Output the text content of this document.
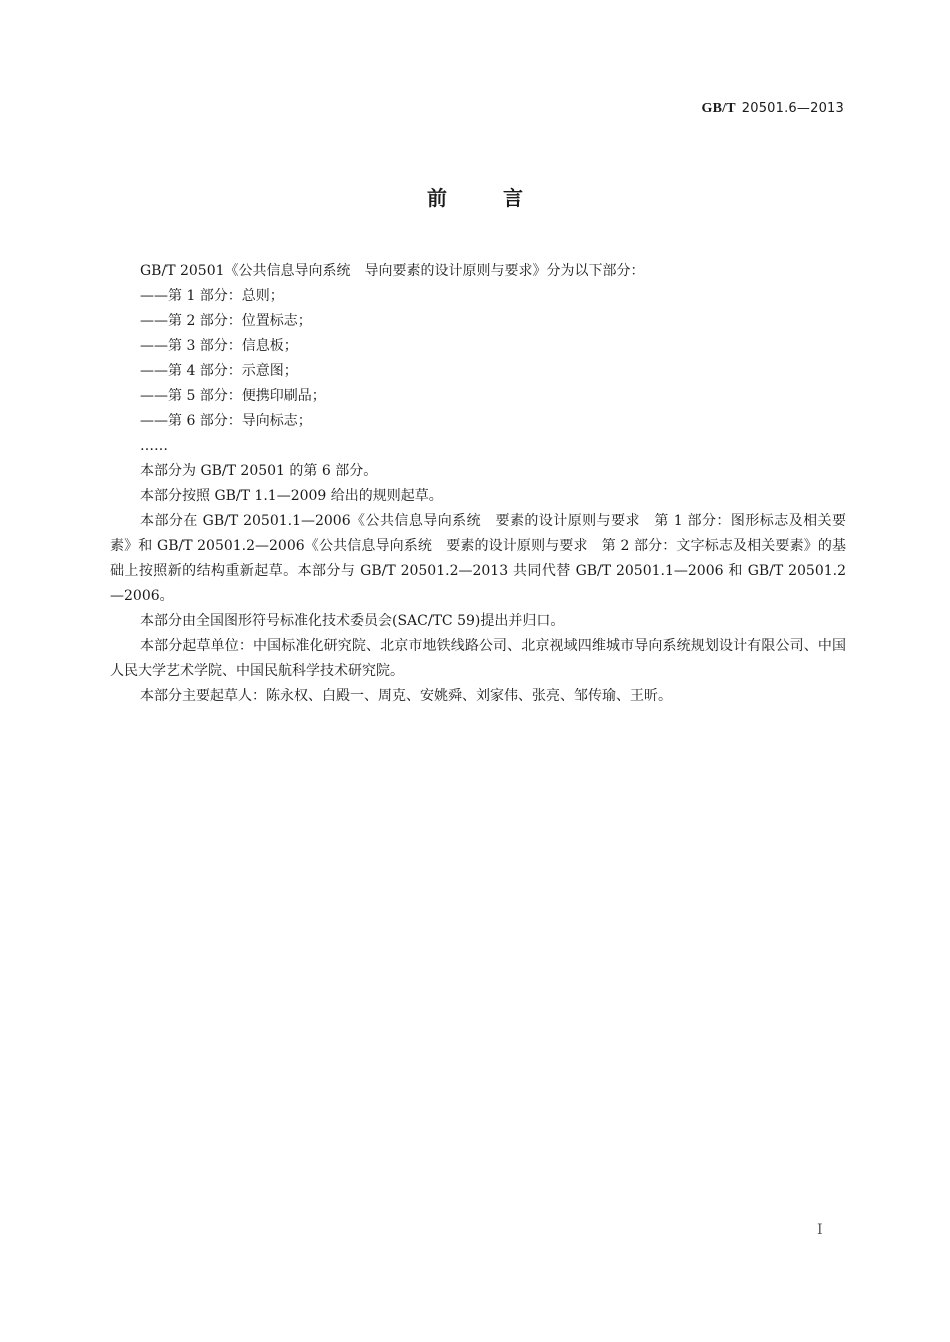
GB/T 20501.6—2013
前	言

GB/T 20501《公共信息导向系统　导向要素的设计原则与要求》分为以下部分：

——第 1 部分：总则；

——第 2 部分：位置标志；

——第 3 部分：信息板；

——第 4 部分：示意图；

——第 5 部分：便携印刷品；

——第 6 部分：导向标志；

……

本部分为 GB/T 20501 的第 6 部分。

本部分按照 GB/T 1.1—2009 给出的规则起草。

本部分在 GB/T 20501.1—2006《公共信息导向系统　要素的设计原则与要求　第 1 部分：图形标志及相关要素》和 GB/T 20501.2—2006《公共信息导向系统　要素的设计原则与要求　第 2 部分：文字标志及相关要素》的基础上按照新的结构重新起草。本部分与 GB/T 20501.2—2013 共同代替 GB/T 20501.1—2006 和 GB/T 20501.2—2006。

本部分由全国图形符号标准化技术委员会(SAC/TC 59)提出并归口。

本部分起草单位：中国标准化研究院、北京市地铁线路公司、北京视域四维城市导向系统规划设计有限公司、中国人民大学艺术学院、中国民航科学技术研究院。

本部分主要起草人：陈永权、白殿一、周克、安姚舜、刘家伟、张亮、邹传瑜、王昕。

I
